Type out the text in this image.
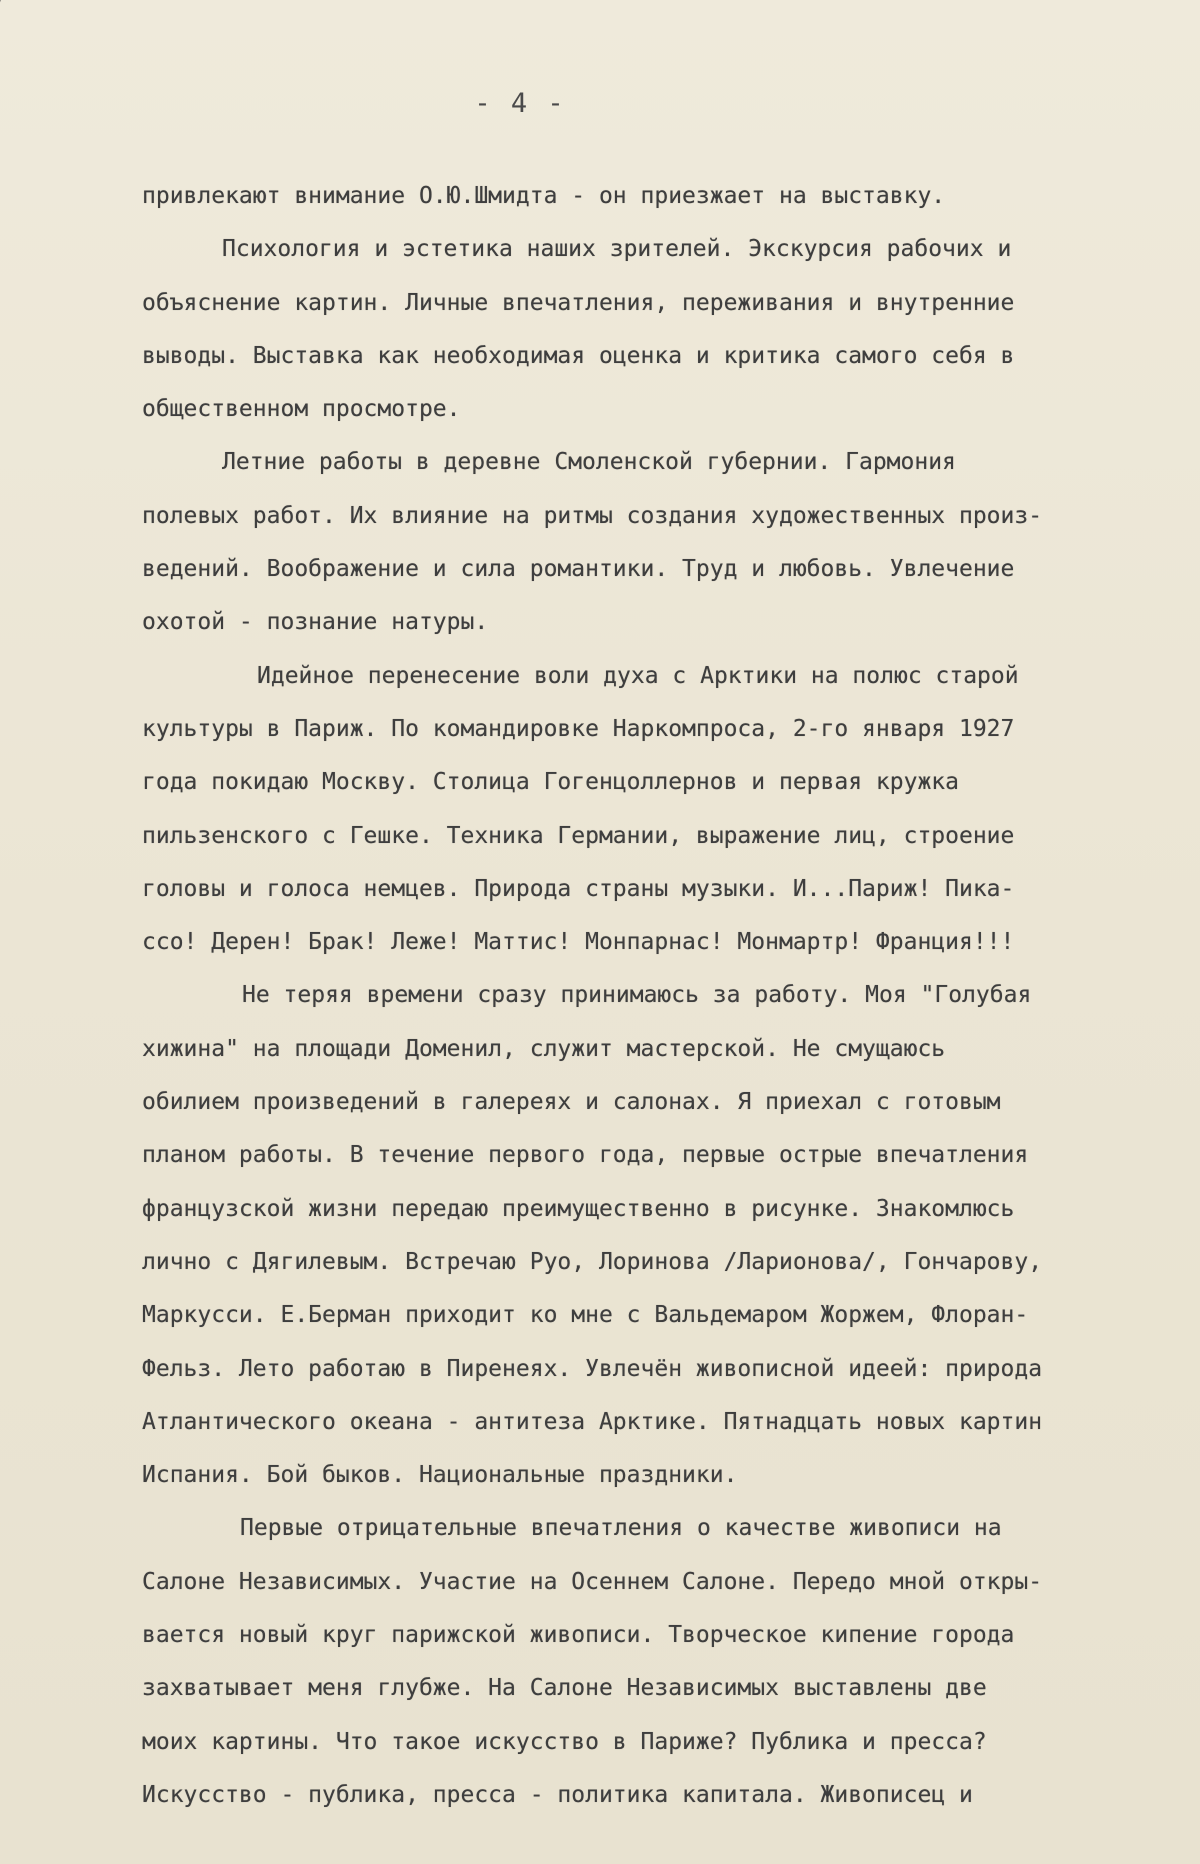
- 4 -
привлекают внимание О.Ю.Шмидта - он приезжает на выставку.
Психология и эстетика наших зрителей. Экскурсия рабочих и
объяснение картин. Личные впечатления, переживания и внутренние
выводы. Выставка как необходимая оценка и критика самого себя в
общественном просмотре.
Летние работы в деревне Смоленской губернии. Гармония
полевых работ. Их влияние на ритмы создания художественных произ-
ведений. Воображение и сила романтики. Труд и любовь. Увлечение
охотой - познание натуры.
Идейное перенесение воли духа с Арктики на полюс старой
культуры в Париж. По командировке Наркомпроса, 2-го января 1927
года покидаю Москву. Столица Гогенцоллернов и первая кружка
пильзенского с Гешке. Техника Германии, выражение лиц, строение
головы и голоса немцев. Природа страны музыки. И...Париж! Пика-
ссо! Дерен! Брак! Леже! Маттис! Монпарнас! Монмартр! Франция!!!
Не теряя времени сразу принимаюсь за работу. Моя "Голубая
хижина" на площади Доменил, служит мастерской. Не смущаюсь
обилием произведений в галереях и салонах. Я приехал с готовым
планом работы. В течение первого года, первые острые впечатления
французской жизни передаю преимущественно в рисунке. Знакомлюсь
лично с Дягилевым. Встречаю Руо, Лоринова /Ларионова/, Гончарову,
Маркусси. Е.Берман приходит ко мне с Вальдемаром Жоржем, Флоран-
Фельз. Лето работаю в Пиренеях. Увлечён живописной идеей: природа
Атлантического океана - антитеза Арктике. Пятнадцать новых картин
Испания. Бой быков. Национальные праздники.
Первые отрицательные впечатления о качестве живописи на
Салоне Независимых. Участие на Осеннем Салоне. Передо мной откры-
вается новый круг парижской живописи. Творческое кипение города
захватывает меня глубже. На Салоне Независимых выставлены две
моих картины. Что такое искусство в Париже? Публика и пресса?
Искусство - публика, пресса - политика капитала. Живописец и
